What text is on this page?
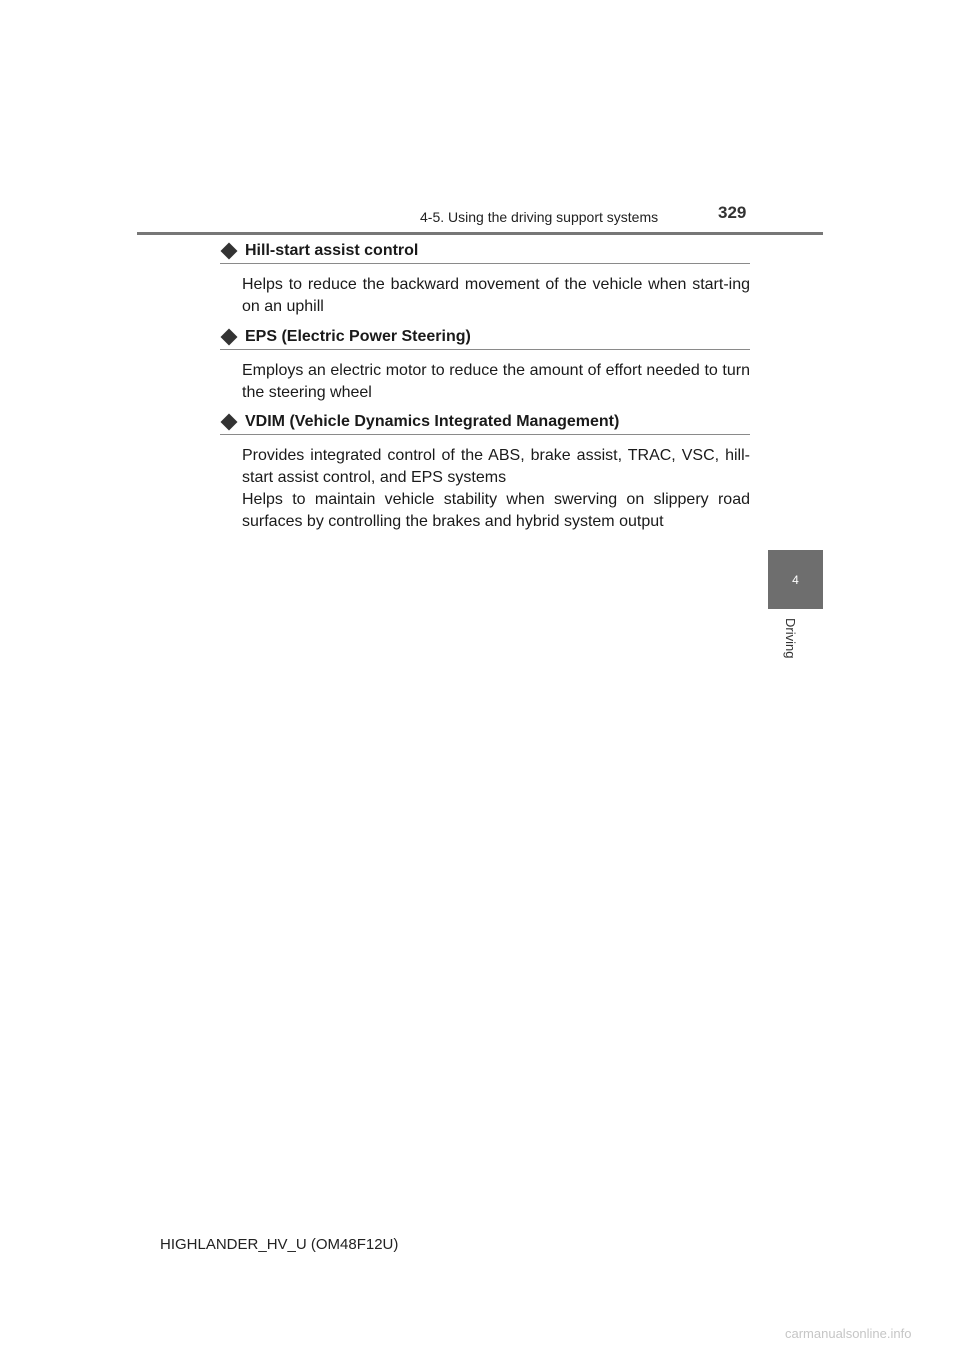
4-5. Using the driving support systems	329
4
Driving
Hill-start assist control
Helps to reduce the backward movement of the vehicle when start-ing on an uphill
EPS (Electric Power Steering)
Employs an electric motor to reduce the amount of effort needed to turn the steering wheel
VDIM (Vehicle Dynamics Integrated Management)
Provides integrated control of the ABS, brake assist, TRAC, VSC, hill-start assist control, and EPS systems
Helps to maintain vehicle stability when swerving on slippery road surfaces by controlling the brakes and hybrid system output
HIGHLANDER_HV_U (OM48F12U)
carmanualsonline.info
